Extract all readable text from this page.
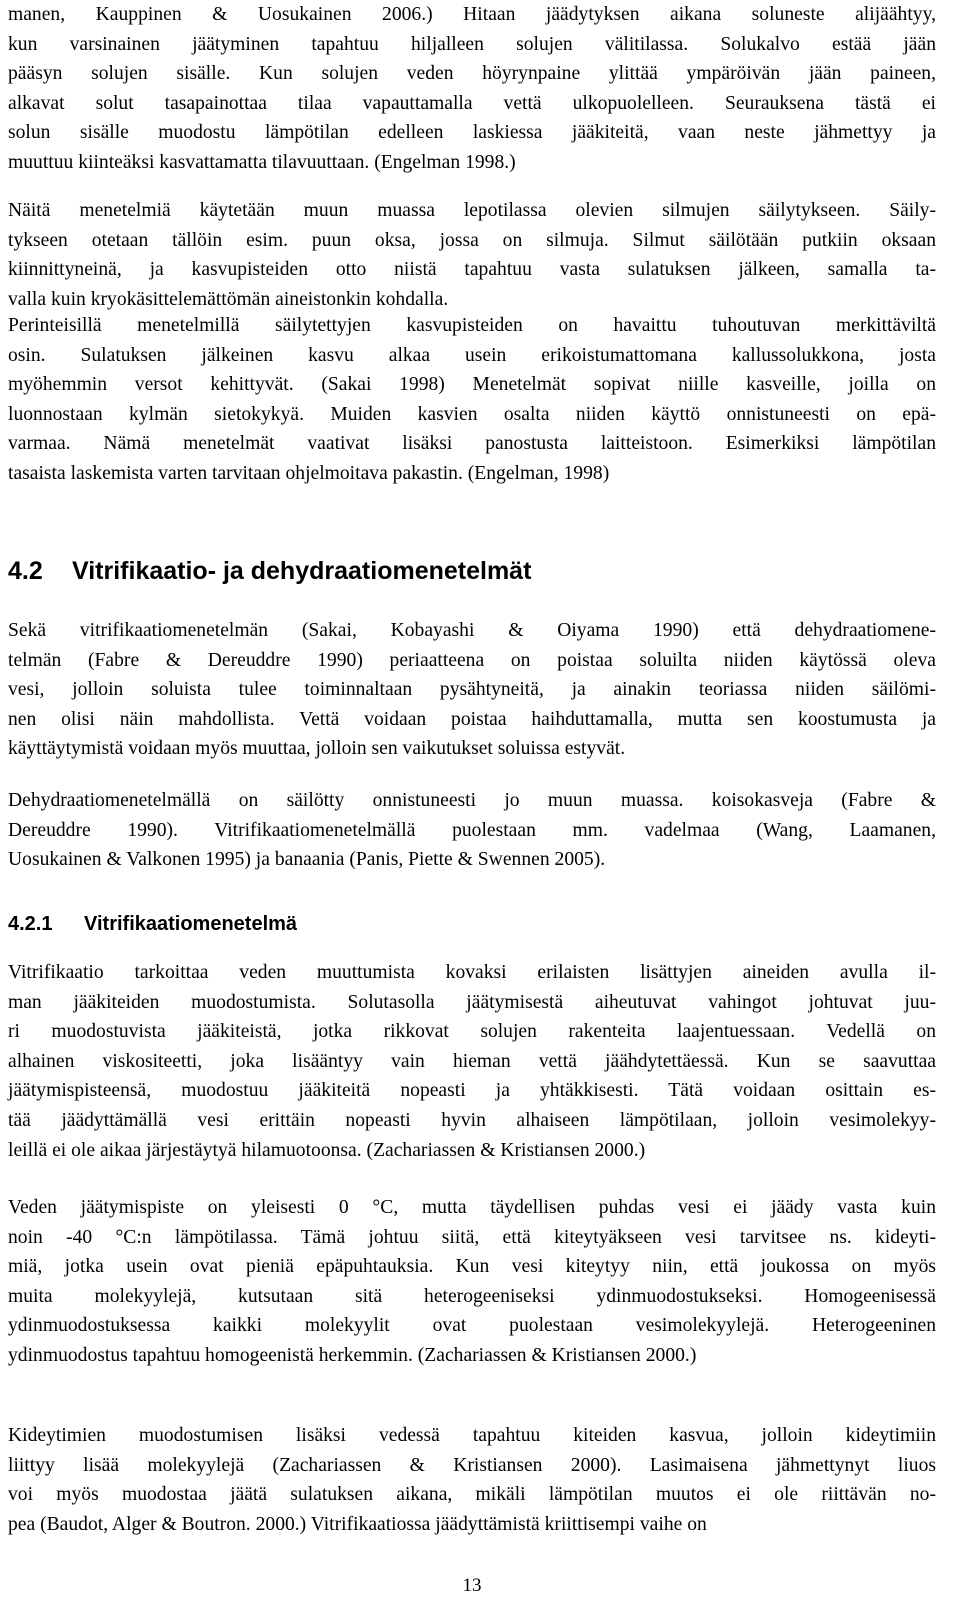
manen, Kauppinen & Uosukainen 2006.) Hitaan jäädytyksen aikana soluneste alijäähtyy,
kun varsinainen jäätyminen tapahtuu hiljalleen solujen välitilassa. Solukalvo estää jään
pääsyn solujen sisälle. Kun solujen veden höyrynpaine ylittää ympäröivän jään paineen,
alkavat solut tasapainottaa tilaa vapauttamalla vettä ulkopuolelleen. Seurauksena tästä ei
solun sisälle muodostu lämpötilan edelleen laskiessa jääkiteitä, vaan neste jähmettyy ja
muuttuu kiinteäksi kasvattamatta tilavuuttaan. (Engelman 1998.)
Näitä menetelmiä käytetään muun muassa lepotilassa olevien silmujen säilytykseen. Säily-
tykseen otetaan tällöin esim. puun oksa, jossa on silmuja. Silmut säilötään putkiin oksaan
kiinnittyneinä, ja kasvupisteiden otto niistä tapahtuu vasta sulatuksen jälkeen, samalla ta-
valla kuin kryokäsittelemättömän aineistonkin kohdalla.
Perinteisillä menetelmillä säilytettyjen kasvupisteiden on havaittu tuhoutuvan merkittäviltä
osin. Sulatuksen jälkeinen kasvu alkaa usein erikoistumattomana kallussolukkona, josta
myöhemmin versot kehittyvät. (Sakai 1998) Menetelmät sopivat niille kasveille, joilla on
luonnostaan kylmän sietokykyä. Muiden kasvien osalta niiden käyttö onnistuneesti on epä-
varmaa. Nämä menetelmät vaativat lisäksi panostusta laitteistoon. Esimerkiksi lämpötilan
tasaista laskemista varten tarvitaan ohjelmoitava pakastin. (Engelman, 1998)
4.2 Vitrifikaatio- ja dehydraatiomenetelmät
Sekä vitrifikaatiomenetelmän (Sakai, Kobayashi & Oiyama 1990) että dehydraatiomene-
telmän (Fabre & Dereuddre 1990) periaatteena on poistaa soluilta niiden käytössä oleva
vesi, jolloin soluista tulee toiminnaltaan pysähtyneitä, ja ainakin teoriassa niiden säilömi-
nen olisi näin mahdollista. Vettä voidaan poistaa haihduttamalla, mutta sen koostumusta ja
käyttäytymistä voidaan myös muuttaa, jolloin sen vaikutukset soluissa estyvät.
Dehydraatiomenetelmällä on säilötty onnistuneesti jo muun muassa. koisokasveja (Fabre &
Dereuddre 1990). Vitrifikaatiomenetelmällä puolestaan mm. vadelmaa (Wang, Laamanen,
Uosukainen & Valkonen 1995) ja banaania (Panis, Piette & Swennen 2005).
4.2.1 Vitrifikaatiomenetelmä
Vitrifikaatio tarkoittaa veden muuttumista kovaksi erilaisten lisättyjen aineiden avulla il-
man jääkiteiden muodostumista. Solutasolla jäätymisestä aiheutuvat vahingot johtuvat juu-
ri muodostuvista jääkiteistä, jotka rikkovat solujen rakenteita laajentuessaan. Vedellä on
alhainen viskositeetti, joka lisääntyy vain hieman vettä jäähdytettäessä. Kun se saavuttaa
jäätymispisteensä, muodostuu jääkiteitä nopeasti ja yhtäkkisesti. Tätä voidaan osittain es-
tää jäädyttämällä vesi erittäin nopeasti hyvin alhaiseen lämpötilaan, jolloin vesimolekyy-
leillä ei ole aikaa järjestäytyä hilamuotoonsa. (Zachariassen & Kristiansen 2000.)
Veden jäätymispiste on yleisesti 0 °C, mutta täydellisen puhdas vesi ei jäädy vasta kuin
noin -40 °C:n lämpötilassa. Tämä johtuu siitä, että kiteytyäkseen vesi tarvitsee ns. kideyti-
miä, jotka usein ovat pieniä epäpuhtauksia. Kun vesi kiteytyy niin, että joukossa on myös
muita molekyylejä, kutsutaan sitä heterogeeniseksi ydinmuodostukseksi. Homogeenisessä
ydinmuodostuksessa kaikki molekyylit ovat puolestaan vesimolekyylejä. Heterogeeninen
ydinmuodostus tapahtuu homogeenistä herkemmin. (Zachariassen & Kristiansen 2000.)
Kideytimien muodostumisen lisäksi vedessä tapahtuu kiteiden kasvua, jolloin kideytimiin
liittyy lisää molekyylejä (Zachariassen & Kristiansen 2000). Lasimaisena jähmettynyt liuos
voi myös muodostaa jäätä sulatuksen aikana, mikäli lämpötilan muutos ei ole riittävän no-
pea (Baudot, Alger & Boutron. 2000.) Vitrifikaatiossa jäädyttämistä kriittisempi vaihe on
13
